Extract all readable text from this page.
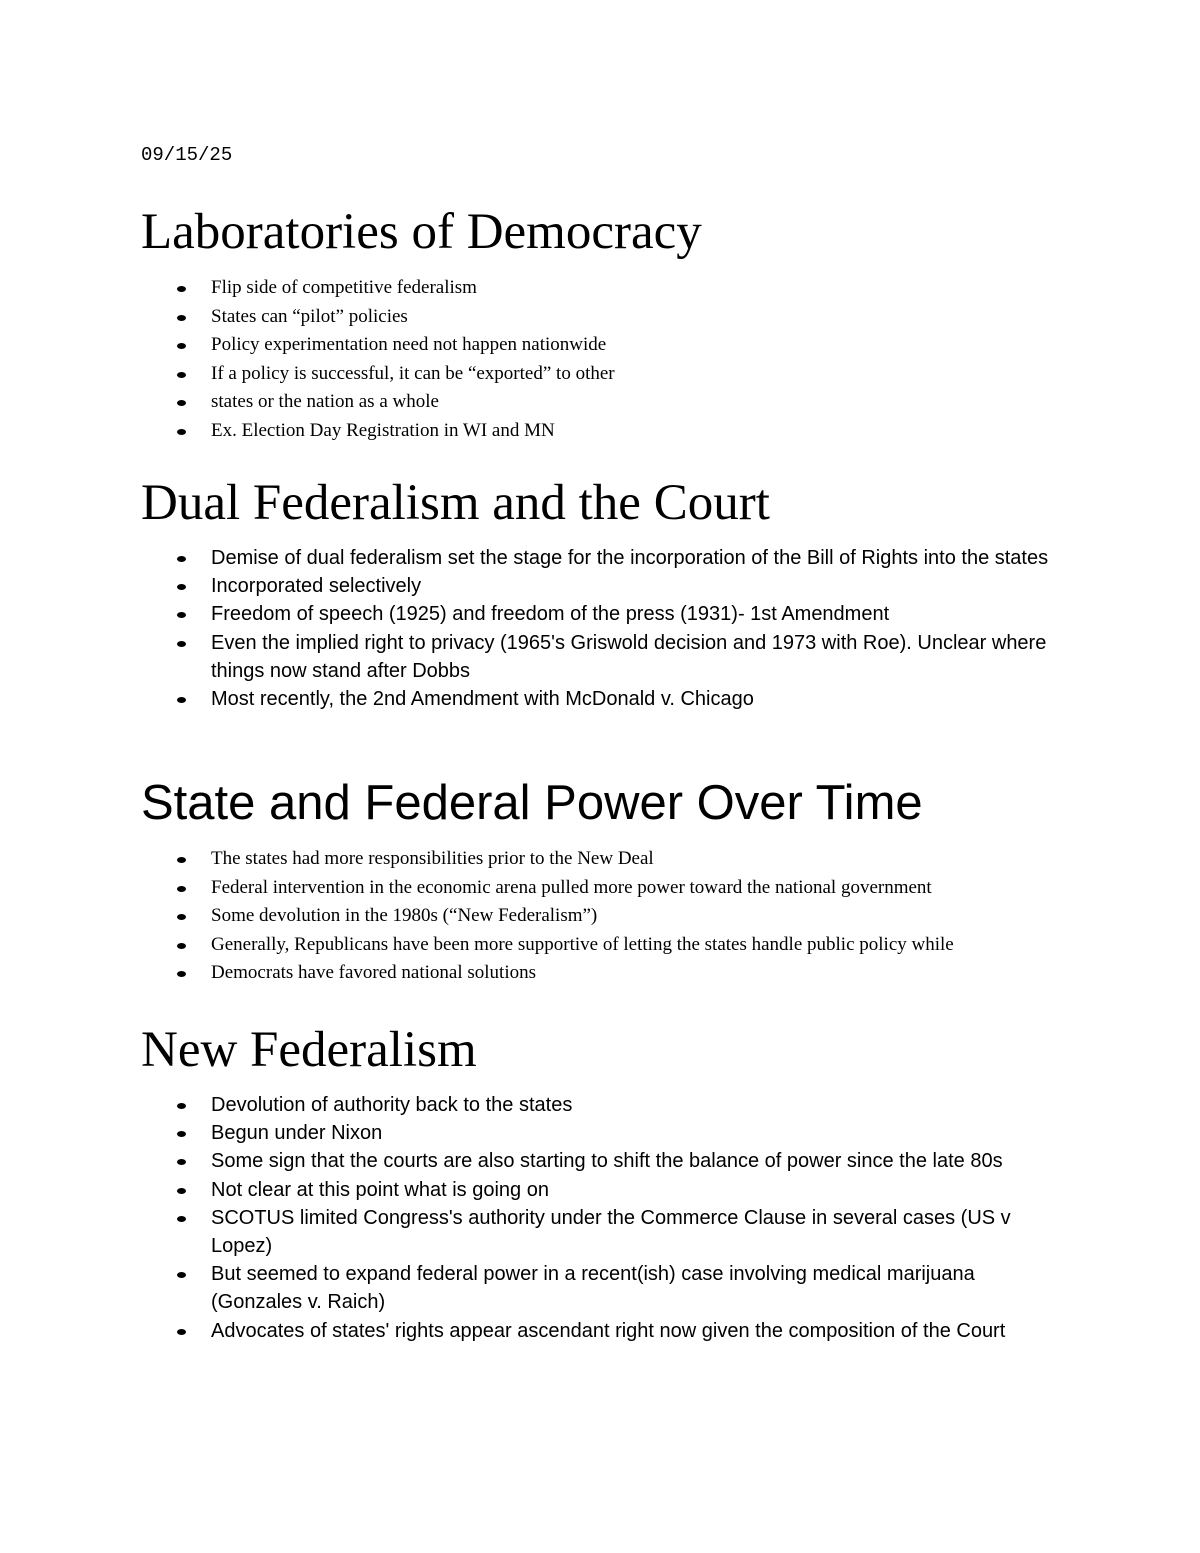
09/15/25

Laboratories of Democracy
Flip side of competitive federalism
States can “pilot” policies
Policy experimentation need not happen nationwide
If a policy is successful, it can be “exported” to other
states or the nation as a whole
Ex. Election Day Registration in WI and MN
Dual Federalism and the Court
Demise of dual federalism set the stage for the incorporation of the Bill of Rights into the states
Incorporated selectively
Freedom of speech (1925) and freedom of the press (1931)- 1st Amendment
Even the implied right to privacy (1965's Griswold decision and 1973 with Roe). Unclear where things now stand after Dobbs
Most recently, the 2nd Amendment with McDonald v. Chicago
State and Federal Power Over Time
The states had more responsibilities prior to the New Deal
Federal intervention in the economic arena pulled more power toward the national government
Some devolution in the 1980s (“New Federalism”)
Generally, Republicans have been more supportive of letting the states handle public policy while
Democrats have favored national solutions
New Federalism
Devolution of authority back to the states
Begun under Nixon
Some sign that the courts are also starting to shift the balance of power since the late 80s
Not clear at this point what is going on
SCOTUS limited Congress's authority under the Commerce Clause in several cases (US v Lopez)
But seemed to expand federal power in a recent(ish) case involving medical marijuana (Gonzales v. Raich)
Advocates of states' rights appear ascendant right now given the composition of the Court
